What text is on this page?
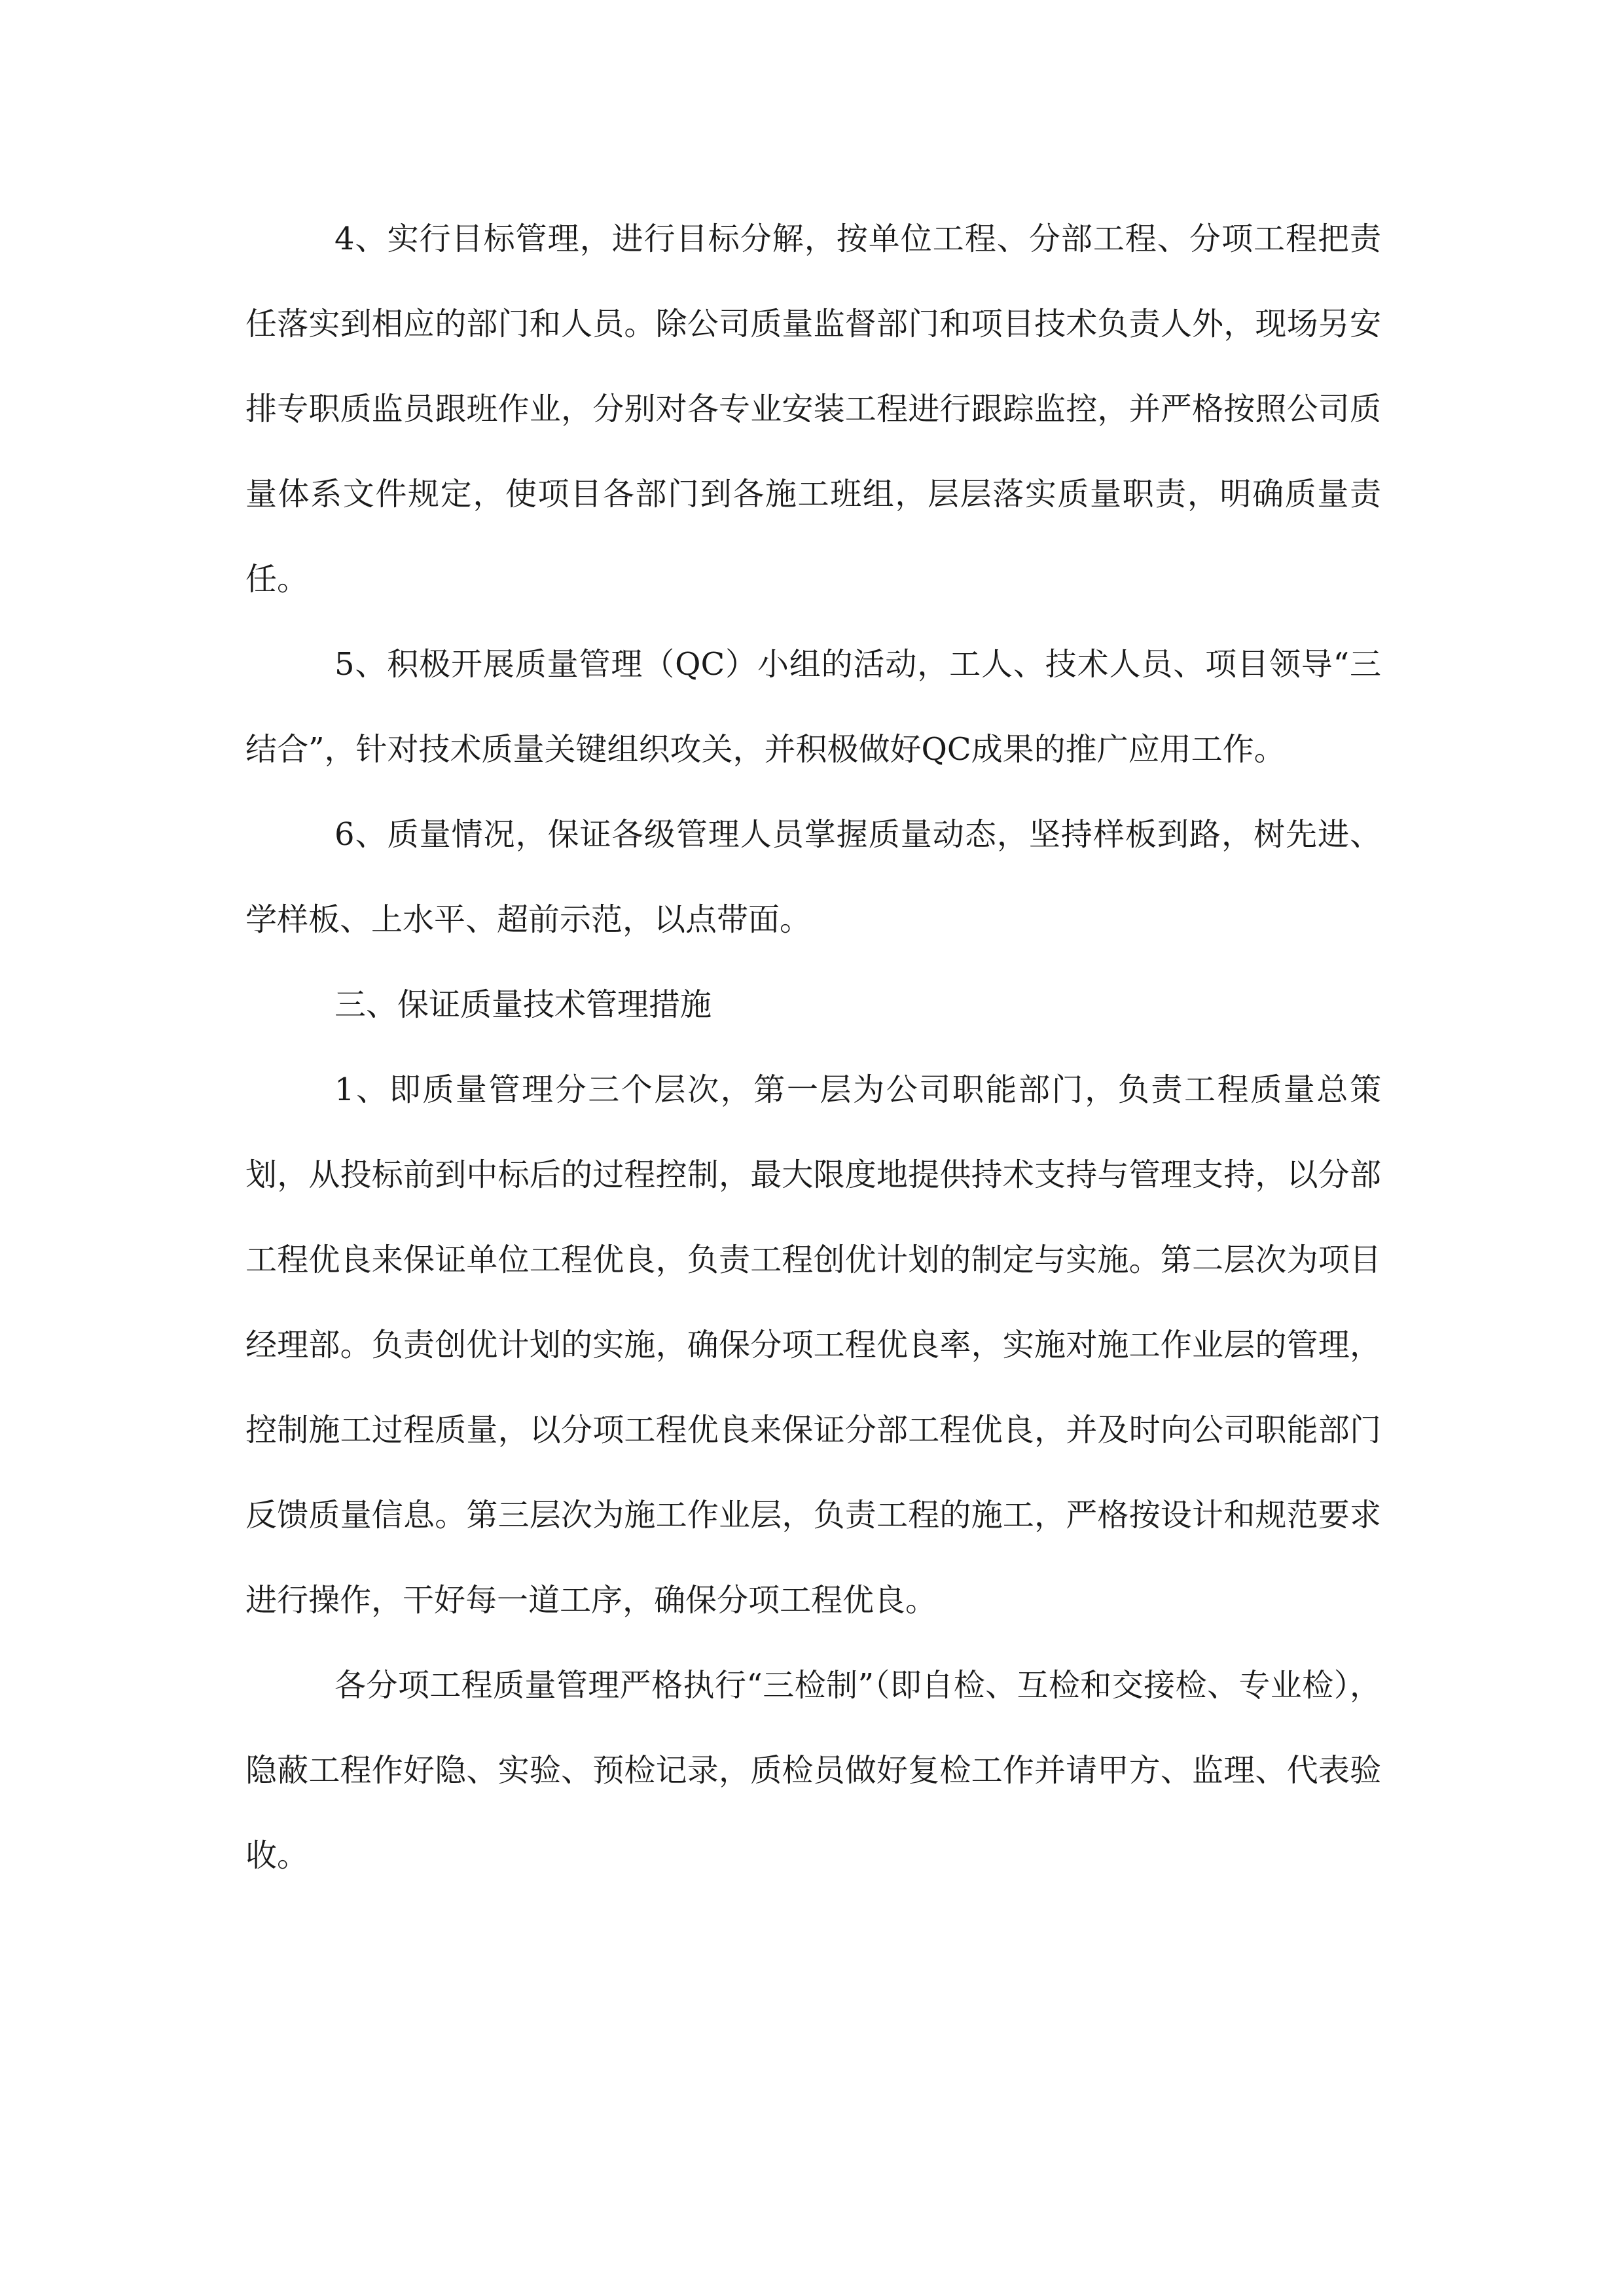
4、实行目标管理，进行目标分解，按单位工程、分部工程、分项工程把责任落实到相应的部门和人员。除公司质量监督部门和项目技术负责人外，现场另安排专职质监员跟班作业，分别对各专业安装工程进行跟踪监控，并严格按照公司质量体系文件规定，使项目各部门到各施工班组，层层落实质量职责，明确质量责任。

5、积极开展质量管理（QC）小组的活动，工人、技术人员、项目领导“三结合”，针对技术质量关键组织攻关，并积极做好QC成果的推广应用工作。

6、质量情况，保证各级管理人员掌握质量动态，坚持样板到路，树先进、学样板、上水平、超前示范，以点带面。

三、保证质量技术管理措施

1、即质量管理分三个层次，第一层为公司职能部门，负责工程质量总策划，从投标前到中标后的过程控制，最大限度地提供持术支持与管理支持，以分部工程优良来保证单位工程优良，负责工程创优计划的制定与实施。第二层次为项目经理部。负责创优计划的实施，确保分项工程优良率，实施对施工作业层的管理，控制施工过程质量，以分项工程优良来保证分部工程优良，并及时向公司职能部门反馈质量信息。第三层次为施工作业层，负责工程的施工，严格按设计和规范要求进行操作，干好每一道工序，确保分项工程优良。

各分项工程质量管理严格执行“三检制”（即自检、互检和交接检、专业检），隐蔽工程作好隐、实验、预检记录，质检员做好复检工作并请甲方、监理、代表验收。
